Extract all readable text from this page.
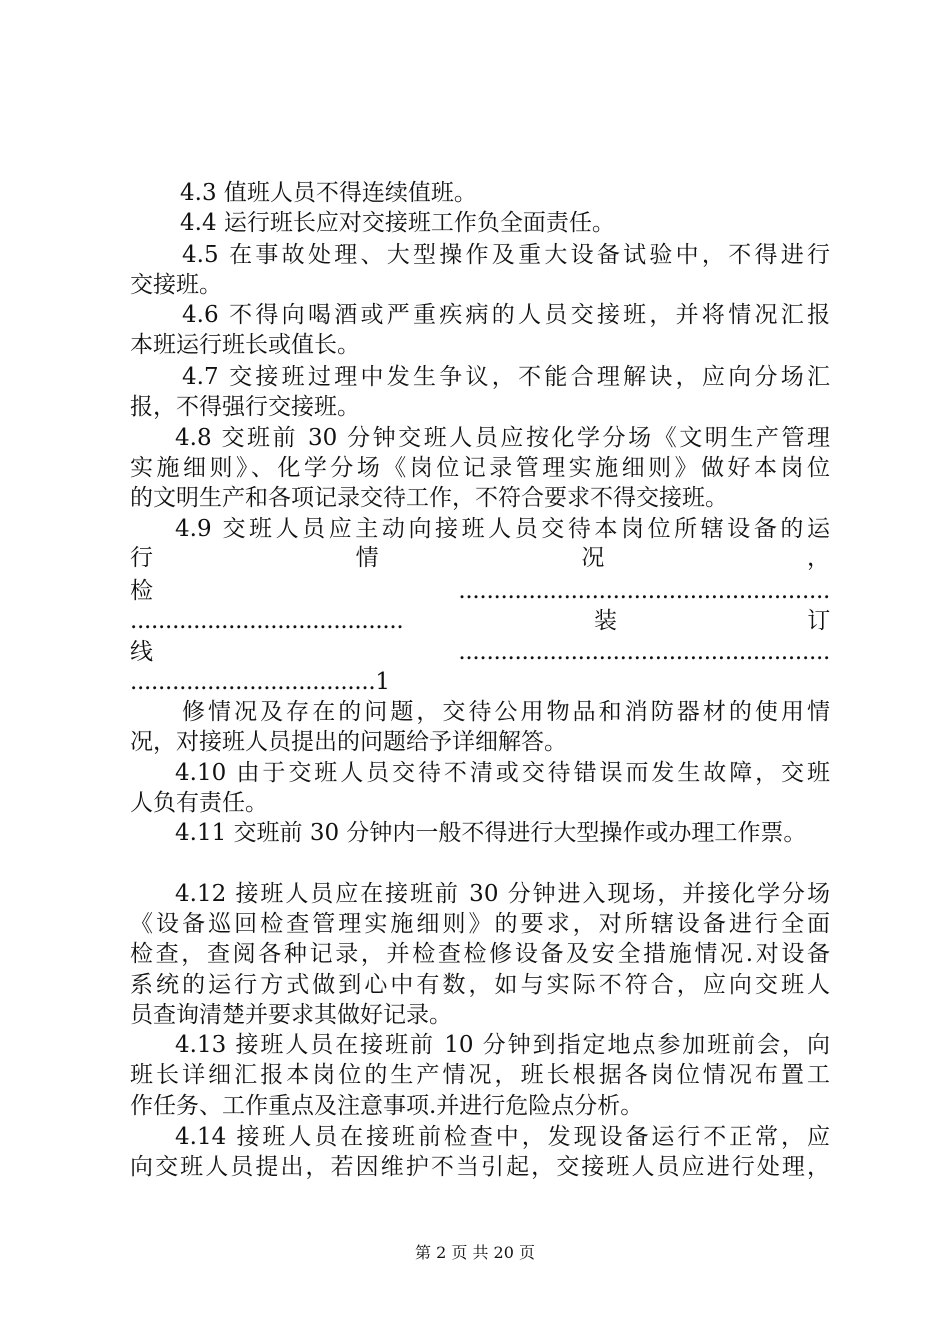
4.3 值班人员不得连续值班。
4.4 运行班长应对交接班工作负全面责任。
4.5 在事故处理、大型操作及重大设备试验中，不得进行
交接班。
4.6 不得向喝酒或严重疾病的人员交接班，并将情况汇报
本班运行班长或值长。
4.7 交接班过理中发生争议，不能合理解诀，应向分场汇
报，不得强行交接班。
4.8 交班前 30 分钟交班人员应按化学分场《文明生产管理
实施细则》、化学分场《岗位记录管理实施细则》做好本岗位
的文明生产和各项记录交待工作，不符合要求不得交接班。
4.9 交班人员应主动向接班人员交待本岗位所辖设备的运
行　　　　　　情　　　　　　况　　　　　　，
检.....................................................
.......................................　　　　　　装　　　　　　订
线.....................................................
...................................1
修情况及存在的问题，交待公用物品和消防器材的使用情
况，对接班人员提出的问题给予详细解答。
4.10 由于交班人员交待不清或交待错误而发生故障，交班
人负有责任。
4.11 交班前 30 分钟内一般不得进行大型操作或办理工作票。
4.12 接班人员应在接班前 30 分钟进入现场，并接化学分场
《设备巡回检查管理实施细则》的要求，对所辖设备进行全面
检查，查阅各种记录，并检查检修设备及安全措施情况.对设备
系统的运行方式做到心中有数，如与实际不符合，应向交班人
员查询清楚并要求其做好记录。
4.13 接班人员在接班前 10 分钟到指定地点参加班前会，向
班长详细汇报本岗位的生产情况，班长根据各岗位情况布置工
作任务、工作重点及注意事项.并进行危险点分析。
4.14 接班人员在接班前检查中，发现设备运行不正常，应
向交班人员提出，若因维护不当引起，交接班人员应进行处理，
第 2 页 共 20 页
